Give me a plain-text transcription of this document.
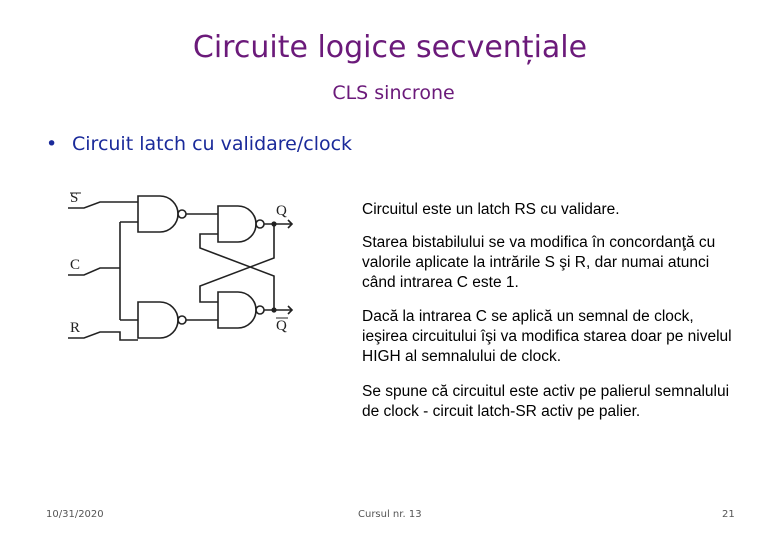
Circuite logice secvențiale
CLS sincrone
• Circuit latch cu validare/clock
S
C
R
Q
Q
Circuitul este un latch RS cu validare.
Starea bistabilului se va modifica în concordanţă cu valorile aplicate la intrările S şi R, dar numai atunci când intrarea C este 1.
Dacă la intrarea C se aplică un semnal de clock, ieşirea circuitului îşi va modifica starea doar pe nivelul HIGH al semnalului de clock.
Se spune că circuitul este activ pe palierul semnalului de clock - circuit latch-SR activ pe palier.
10/31/2020	Cursul nr. 13	21
